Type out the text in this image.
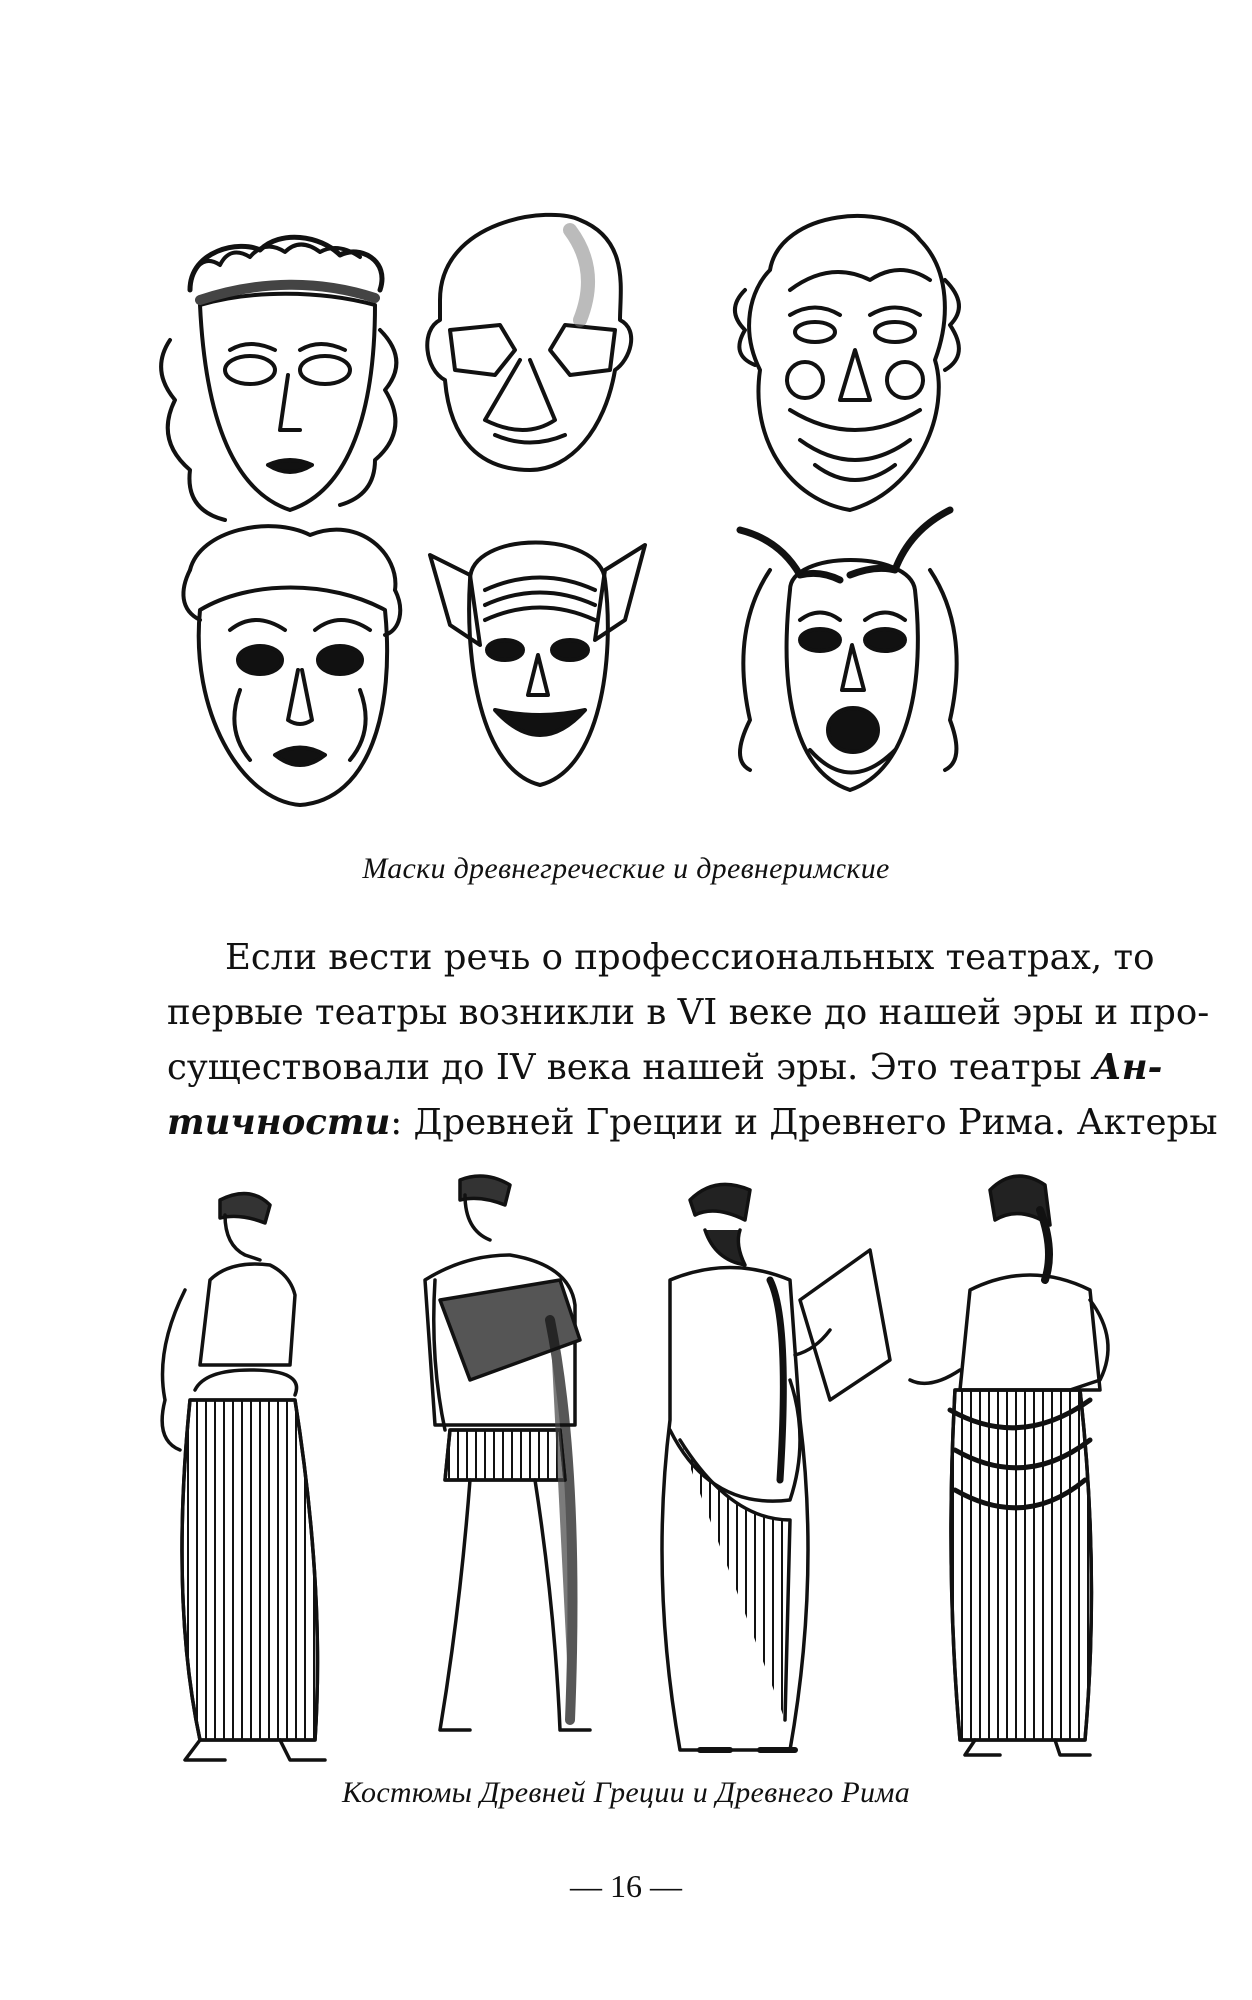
Маски древнегреческие и древнеримские
Если вести речь о профессиональных театрах, то
первые театры возникли в VI веке до нашей эры и про-
существовали до IV века нашей эры. Это театры Ан-
тичности: Древней Греции и Древнего Рима. Актеры
Костюмы Древней Греции и Древнего Рима
— 16 —
